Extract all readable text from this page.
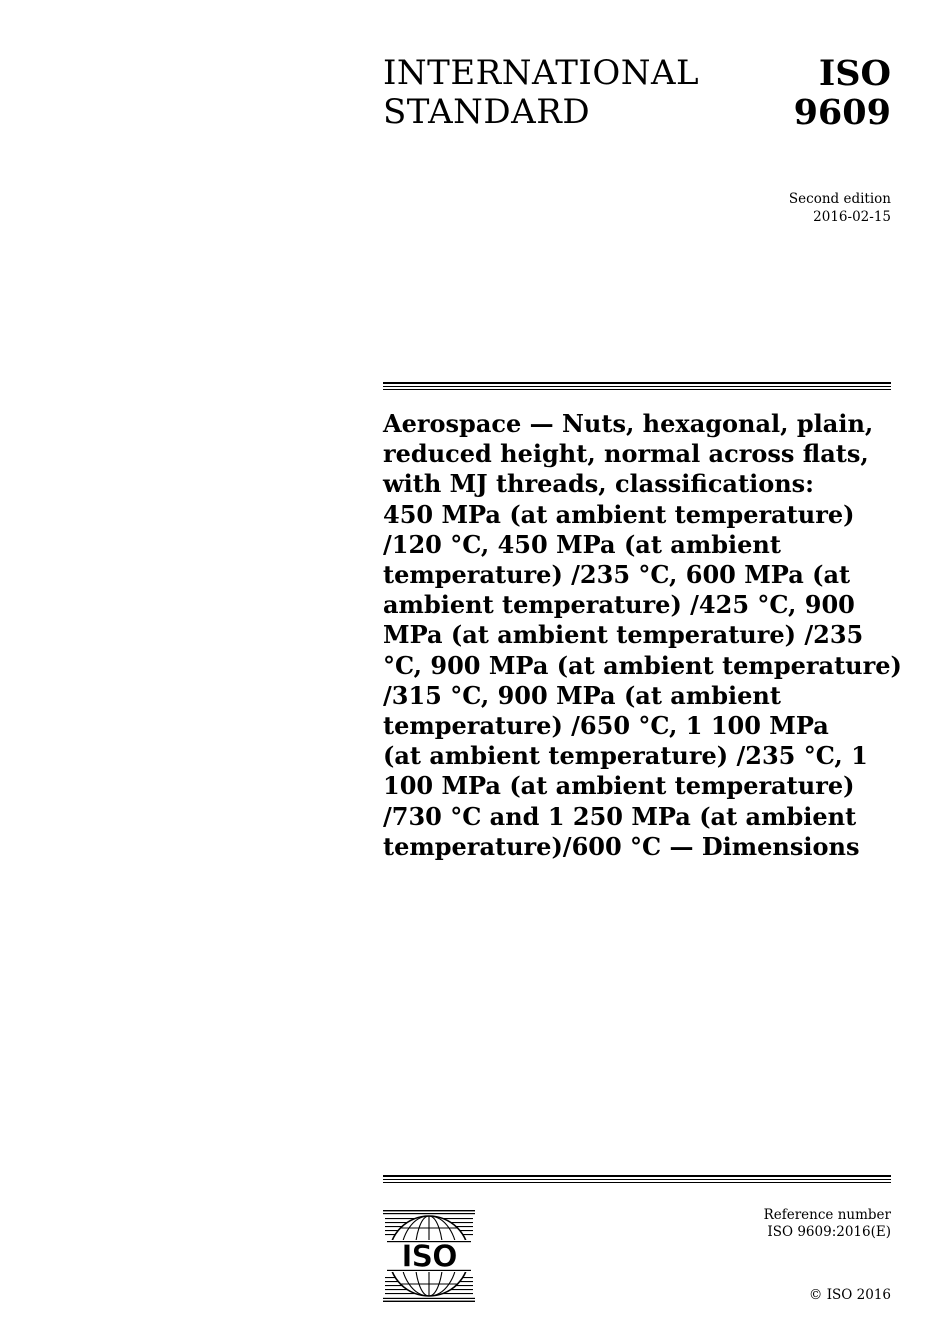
INTERNATIONAL
STANDARD
ISO
9609
Second edition
2016-02-15
Aerospace — Nuts, hexagonal, plain,
reduced height, normal across flats,
with MJ threads, classifications:
450 MPa (at ambient temperature)
/120 °C, 450 MPa (at ambient
temperature) /235 °C, 600 MPa (at
ambient temperature) /425 °C, 900
MPa (at ambient temperature) /235
°C, 900 MPa (at ambient temperature)
/315 °C, 900 MPa (at ambient
temperature) /650 °C, 1 100 MPa
(at ambient temperature) /235 °C, 1
100 MPa (at ambient temperature)
/730 °C and 1 250 MPa (at ambient
temperature)/600 °C — Dimensions
ISO
Reference number
ISO 9609:2016(E)
© ISO 2016
